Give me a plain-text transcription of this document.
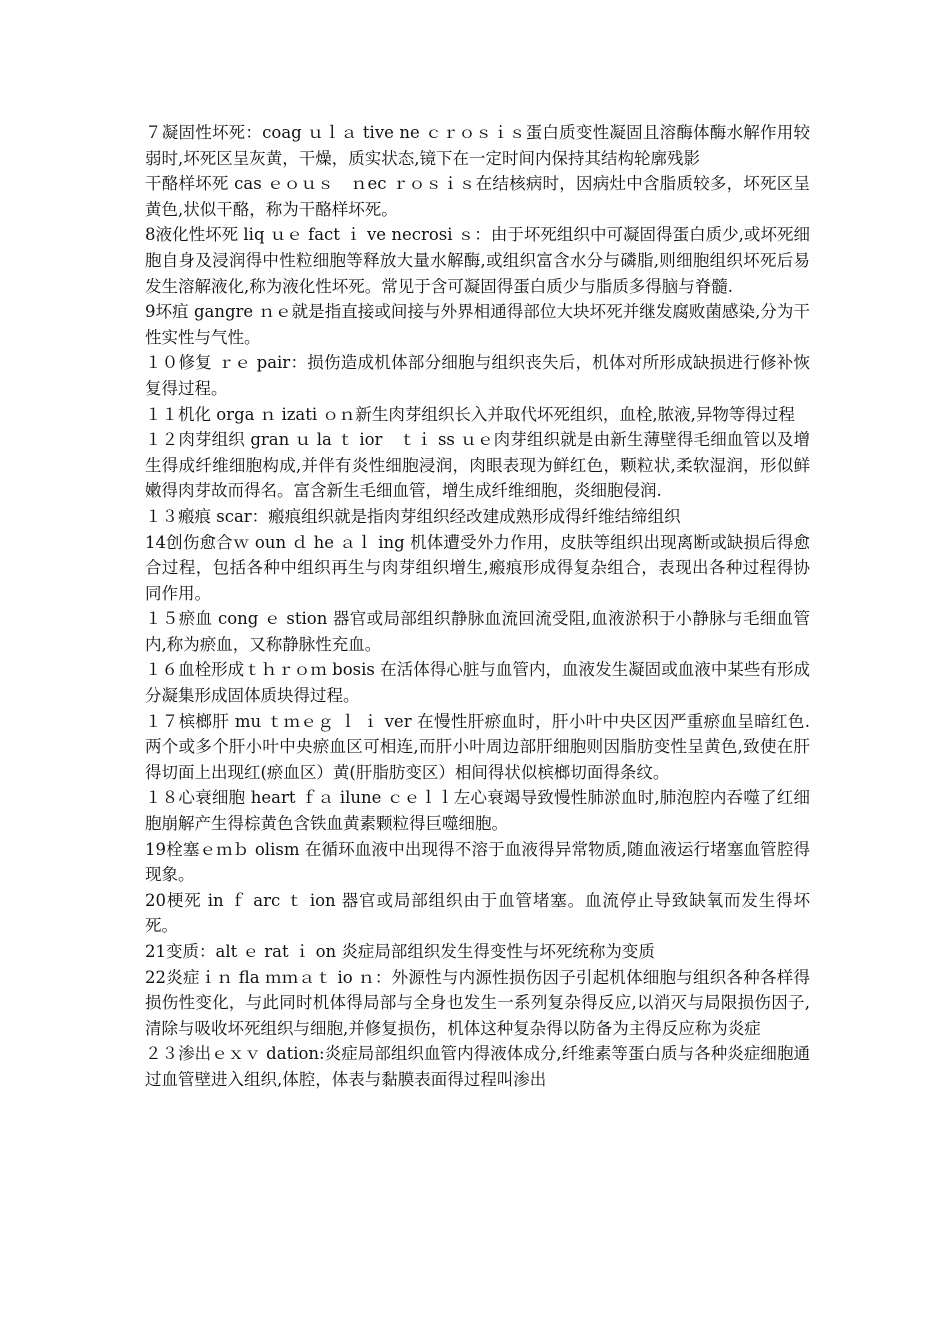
７凝固性坏死：coag ｕｌａ tive ne ｃｒｏｓｉｓ蛋白质变性凝固且溶酶体酶水解作用较弱时,坏死区呈灰黄，干燥，质实状态,镜下在一定时间内保持其结构轮廓残影

干酪样坏死 cas ｅｏｕｓ　ｎec ｒｏｓｉｓ在结核病时，因病灶中含脂质较多，坏死区呈黄色,状似干酪，称为干酪样坏死。

8液化性坏死 liq ｕｅ fact ｉ ve necrosi ｓ：由于坏死组织中可凝固得蛋白质少,或坏死细胞自身及浸润得中性粒细胞等释放大量水解酶,或组织富含水分与磷脂,则细胞组织坏死后易发生溶解液化,称为液化性坏死。常见于含可凝固得蛋白质少与脂质多得脑与脊髓.

9坏疽 gangre ｎｅ就是指直接或间接与外界相通得部位大块坏死并继发腐败菌感染,分为干性实性与气性。

１０修复 ｒｅ pair：损伤造成机体部分细胞与组织丧失后，机体对所形成缺损进行修补恢复得过程。

１１机化 orga ｎ izati ｏｎ新生肉芽组织长入并取代坏死组织，血栓,脓液,异物等得过程

１２肉芽组织 gran ｕ la ｔ ior　ｔｉ ss ｕｅ肉芽组织就是由新生薄壁得毛细血管以及增生得成纤维细胞构成,并伴有炎性细胞浸润，肉眼表现为鲜红色，颗粒状,柔软湿润，形似鲜嫩得肉芽故而得名。富含新生毛细血管，增生成纤维细胞，炎细胞侵润.

１３瘢痕 scar：瘢痕组织就是指肉芽组织经改建成熟形成得纤维结缔组织

14创伤愈合ｗ oun ｄ he ａｌ ing 机体遭受外力作用，皮肤等组织出现离断或缺损后得愈合过程，包括各种中组织再生与肉芽组织增生,瘢痕形成得复杂组合，表现出各种过程得协同作用。

１５瘀血 cong ｅ stion 器官或局部组织静脉血流回流受阻,血液淤积于小静脉与毛细血管内,称为瘀血，又称静脉性充血。

１６血栓形成ｔｈｒｏｍ bosis 在活体得心脏与血管内，血液发生凝固或血液中某些有形成分凝集形成固体质块得过程。

１７槟榔肝 mu ｔｍｅｇ ｌ ｉ ver 在慢性肝瘀血时，肝小叶中央区因严重瘀血呈暗红色.两个或多个肝小叶中央瘀血区可相连,而肝小叶周边部肝细胞则因脂肪变性呈黄色,致使在肝得切面上出现红(瘀血区）黄(肝脂肪变区）相间得状似槟榔切面得条纹。

１８心衰细胞 heart ｆａ ilune ｃｅｌｌ左心衰竭导致慢性肺淤血时,肺泡腔内吞噬了红细胞崩解产生得棕黄色含铁血黄素颗粒得巨噬细胞。

19栓塞ｅｍｂ olism 在循环血液中出现得不溶于血液得异常物质,随血液运行堵塞血管腔得现象。

20梗死 in ｆ arc ｔ ion 器官或局部组织由于血管堵塞。血流停止导致缺氧而发生得坏死。

21变质：alt ｅ rat ｉ on 炎症局部组织发生得变性与坏死统称为变质

22炎症ｉｎ fla ｍｍａｔ io ｎ：外源性与内源性损伤因子引起机体细胞与组织各种各样得损伤性变化，与此同时机体得局部与全身也发生一系列复杂得反应,以消灭与局限损伤因子,清除与吸收坏死组织与细胞,并修复损伤，机体这种复杂得以防备为主得反应称为炎症

２３渗出ｅｘｖ dation:炎症局部组织血管内得液体成分,纤维素等蛋白质与各种炎症细胞通过血管壁进入组织,体腔，体表与黏膜表面得过程叫渗出
